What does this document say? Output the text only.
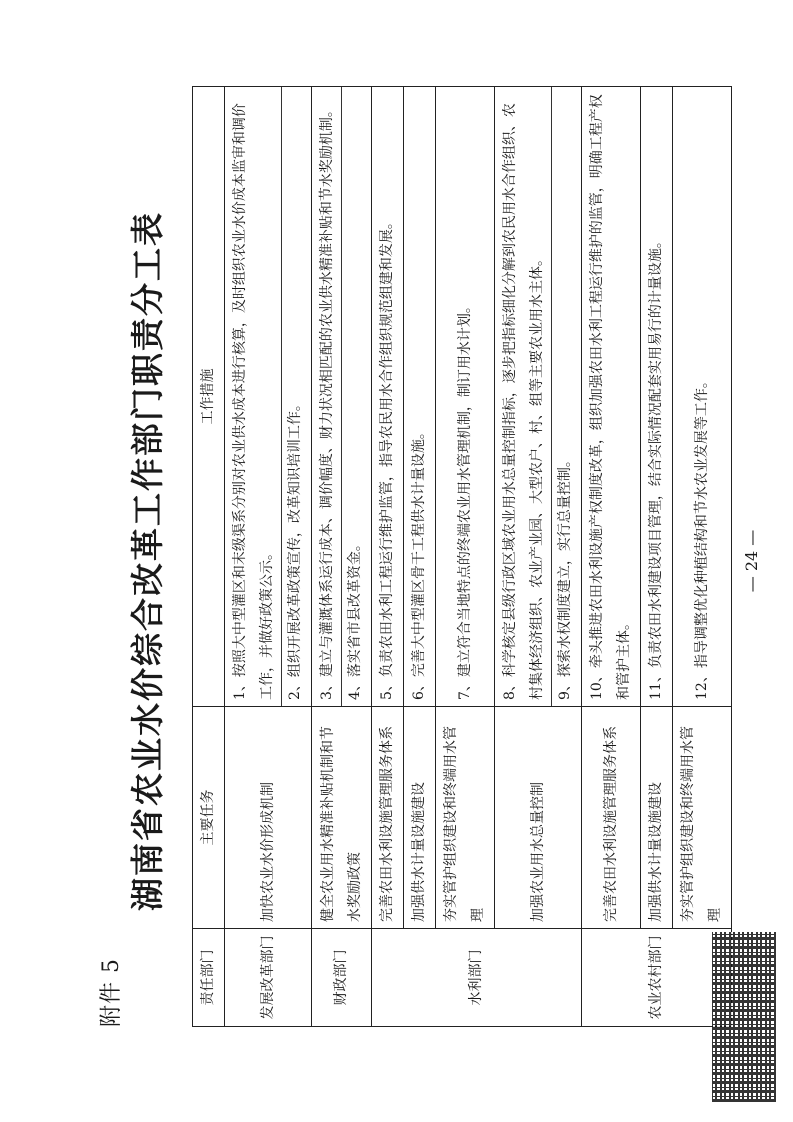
附件 5
湖南省农业水价综合改革工作部门职责分工表
责任部门	主要任务	工作措施
发展改革部门	加快农业水价形成机制	1、按照大中型灌区和末级渠系分别对农业供水成本进行核算，及时组织农业水价成本监审和调价工作，并做好政策公示。 2、组织开展改革政策宣传，改革知识培训工作。

财政部门	健全农业用水精准补贴机制和节水奖励政策	3、建立与灌溉体系运行成本、调价幅度、财力状况相匹配的农业供水精准补贴和节水奖励机制。 4、落实省市县改革资金。

水利部门	完善农田水利设施管理服务体系	5、负责农田水利工程运行维护监管，指导农民用水合作组织规范组建和发展。

	加强供水计量设施建设	6、完善大中型灌区骨干工程供水计量设施。

	夯实管护组织建设和终端用水管理	7、建立符合当地特点的终端农业用水管理机制，制订用水计划。

	加强农业用水总量控制	8、科学核定县级行政区域农业用水总量控制指标，逐步把指标细化分解到农民用水合作组织、农村集体经济组织、农业产业园、大型农户、村、组等主要农业用水主体。 9、探索水权制度建立，实行总量控制。

农业农村部门	完善农田水利设施管理服务体系	10、牵头推进农田水利设施产权制度改革，组织加强农田水利工程运行维护的监管，明确工程产权和管护主体。

	加强供水计量设施建设	11、负责农田水利建设项目管理，结合实际情况配套实用易行的计量设施。

	夯实管护组织建设和终端用水管理	12、指导调整优化种植结构和节水农业发展等工作。	— 24 —
